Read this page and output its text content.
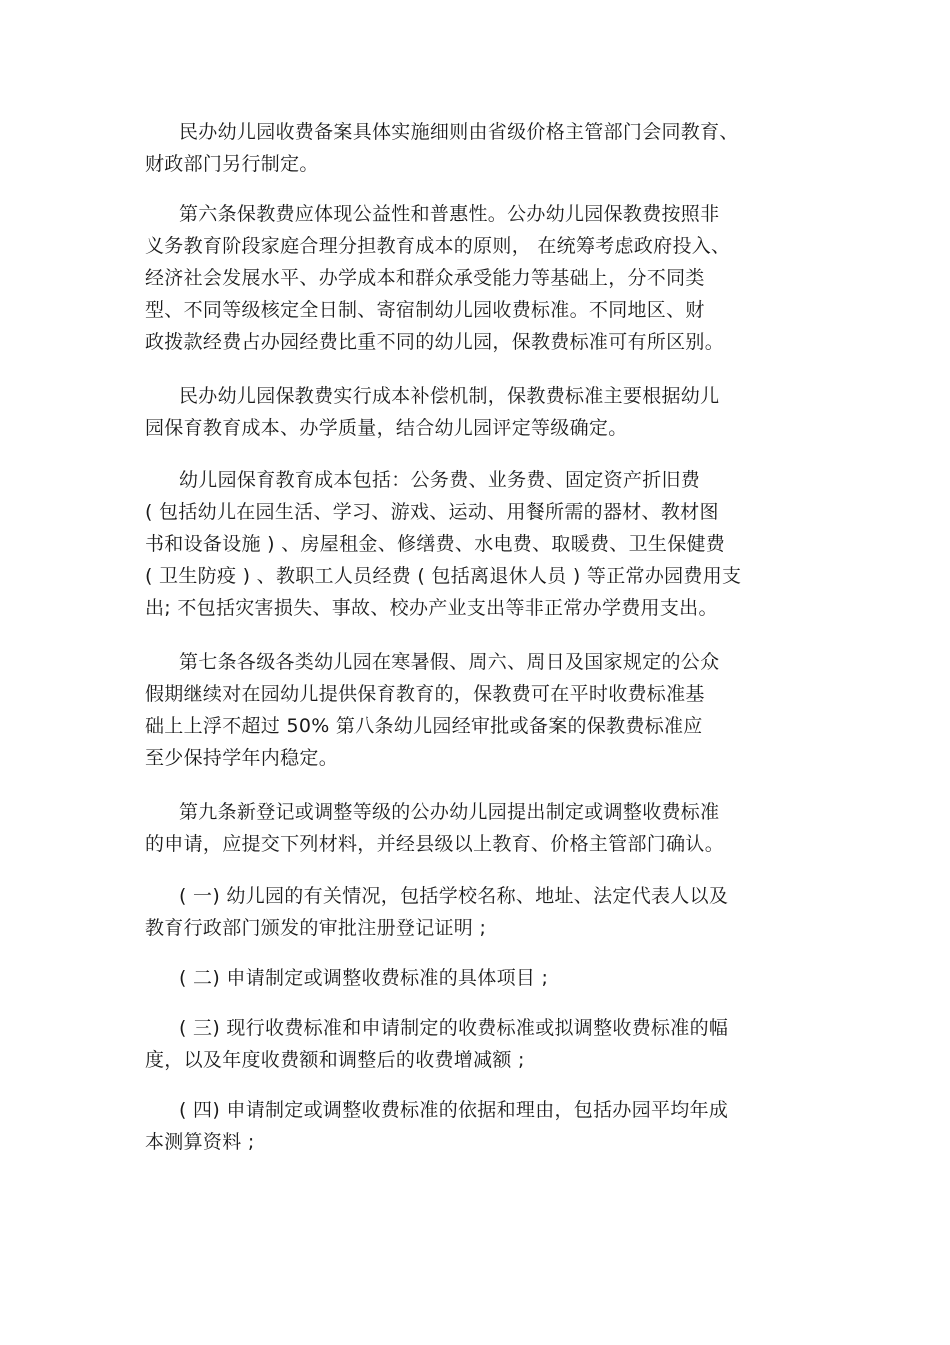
民办幼儿园收费备案具体实施细则由省级价格主管部门会同教育、
财政部门另行制定。
第六条保教费应体现公益性和普惠性。公办幼儿园保教费按照非
义务教育阶段家庭合理分担教育成本的原则， 在统筹考虑政府投入、
经济社会发展水平、办学成本和群众承受能力等基础上，分不同类
型、不同等级核定全日制、寄宿制幼儿园收费标准。不同地区、财
政拨款经费占办园经费比重不同的幼儿园，保教费标准可有所区别。
民办幼儿园保教费实行成本补偿机制，保教费标准主要根据幼儿
园保育教育成本、办学质量，结合幼儿园评定等级确定。
幼儿园保育教育成本包括：公务费、业务费、固定资产折旧费
( 包括幼儿在园生活、学习、游戏、运动、用餐所需的器材、教材图
书和设备设施 ) 、房屋租金、修缮费、水电费、取暖费、卫生保健费
( 卫生防疫 ) 、教职工人员经费 ( 包括离退休人员 ) 等正常办园费用支
出; 不包括灾害损失、事故、校办产业支出等非正常办学费用支出。
第七条各级各类幼儿园在寒暑假、周六、周日及国家规定的公众
假期继续对在园幼儿提供保育教育的，保教费可在平时收费标准基
础上上浮不超过 50% 第八条幼儿园经审批或备案的保教费标准应
至少保持学年内稳定。
第九条新登记或调整等级的公办幼儿园提出制定或调整收费标准
的申请，应提交下列材料，并经县级以上教育、价格主管部门确认。
( 一) 幼儿园的有关情况，包括学校名称、地址、法定代表人以及
教育行政部门颁发的审批注册登记证明 ;
( 二) 申请制定或调整收费标准的具体项目 ;
( 三) 现行收费标准和申请制定的收费标准或拟调整收费标准的幅
度，以及年度收费额和调整后的收费增减额 ;
( 四) 申请制定或调整收费标准的依据和理由，包括办园平均年成
本测算资料 ;
